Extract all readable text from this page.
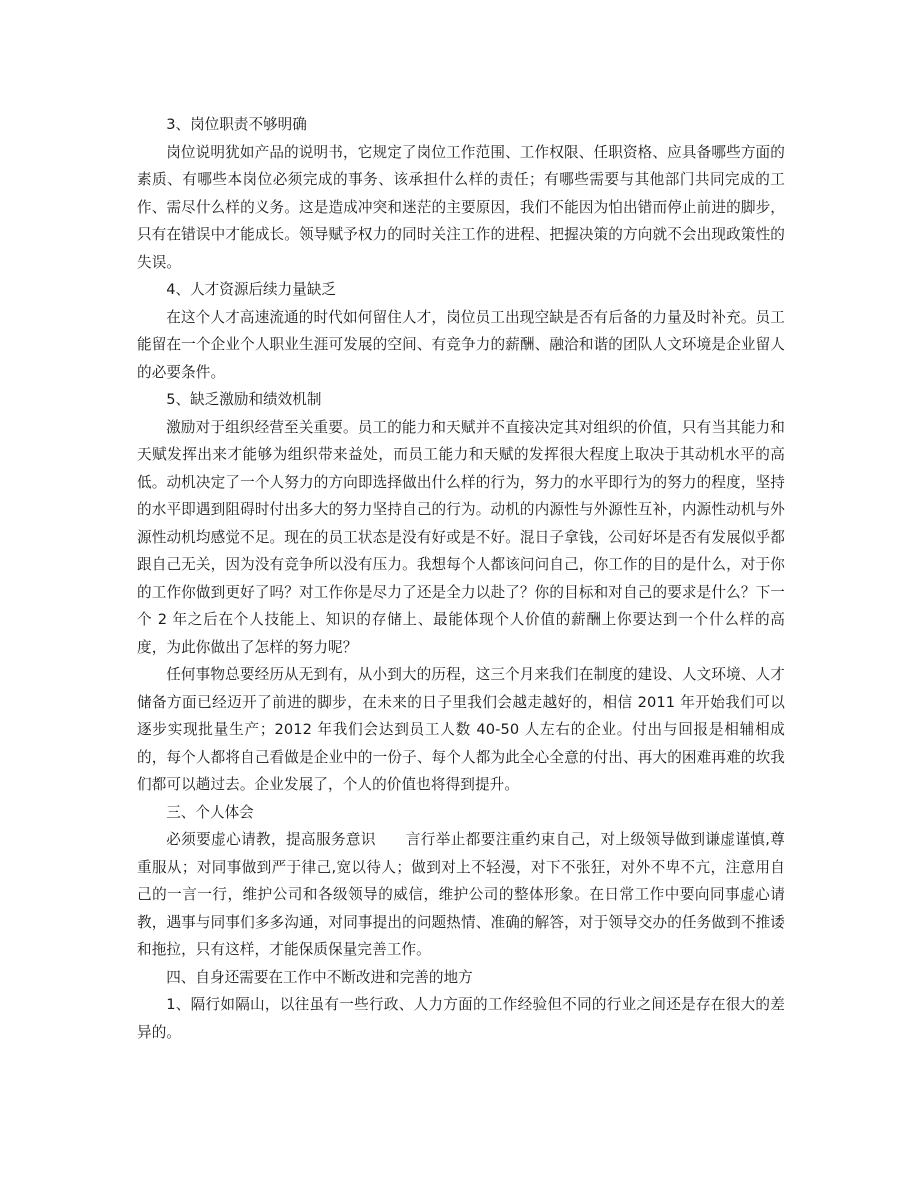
3、岗位职责不够明确

岗位说明犹如产品的说明书，它规定了岗位工作范围、工作权限、任职资格、应具备哪些方面的素质、有哪些本岗位必须完成的事务、该承担什么样的责任；有哪些需要与其他部门共同完成的工作、需尽什么样的义务。这是造成冲突和迷茫的主要原因，我们不能因为怕出错而停止前进的脚步，只有在错误中才能成长。领导赋予权力的同时关注工作的进程、把握决策的方向就不会出现政策性的失误。

4、人才资源后续力量缺乏

在这个人才高速流通的时代如何留住人才，岗位员工出现空缺是否有后备的力量及时补充。员工能留在一个企业个人职业生涯可发展的空间、有竞争力的薪酬、融洽和谐的团队人文环境是企业留人的必要条件。

5、缺乏激励和绩效机制

激励对于组织经营至关重要。员工的能力和天赋并不直接决定其对组织的价值，只有当其能力和天赋发挥出来才能够为组织带来益处，而员工能力和天赋的发挥很大程度上取决于其动机水平的高低。动机决定了一个人努力的方向即选择做出什么样的行为，努力的水平即行为的努力的程度，坚持的水平即遇到阻碍时付出多大的努力坚持自己的行为。动机的内源性与外源性互补，内源性动机与外源性动机均感觉不足。现在的员工状态是没有好或是不好。混日子拿钱，公司好坏是否有发展似乎都跟自己无关，因为没有竞争所以没有压力。我想每个人都该问问自己，你工作的目的是什么，对于你的工作你做到更好了吗？对工作你是尽力了还是全力以赴了？你的目标和对自己的要求是什么？下一个 2 年之后在个人技能上、知识的存储上、最能体现个人价值的薪酬上你要达到一个什么样的高度，为此你做出了怎样的努力呢？

任何事物总要经历从无到有，从小到大的历程，这三个月来我们在制度的建设、人文环境、人才储备方面已经迈开了前进的脚步，在未来的日子里我们会越走越好的，相信 2011 年开始我们可以逐步实现批量生产；2012 年我们会达到员工人数 40-50 人左右的企业。付出与回报是相辅相成的，每个人都将自己看做是企业中的一份子、每个人都为此全心全意的付出、再大的困难再难的坎我们都可以趟过去。企业发展了，个人的价值也将得到提升。

三、个人体会

必须要虚心请教，提高服务意识　　言行举止都要注重约束自己，对上级领导做到谦虚谨慎,尊重服从；对同事做到严于律己,宽以待人；做到对上不轻漫，对下不张狂，对外不卑不亢，注意用自己的一言一行，维护公司和各级领导的威信，维护公司的整体形象。在日常工作中要向同事虚心请教，遇事与同事们多多沟通，对同事提出的问题热情、准确的解答，对于领导交办的任务做到不推诿和拖拉，只有这样，才能保质保量完善工作。

四、自身还需要在工作中不断改进和完善的地方

1、隔行如隔山，以往虽有一些行政、人力方面的工作经验但不同的行业之间还是存在很大的差异的。
